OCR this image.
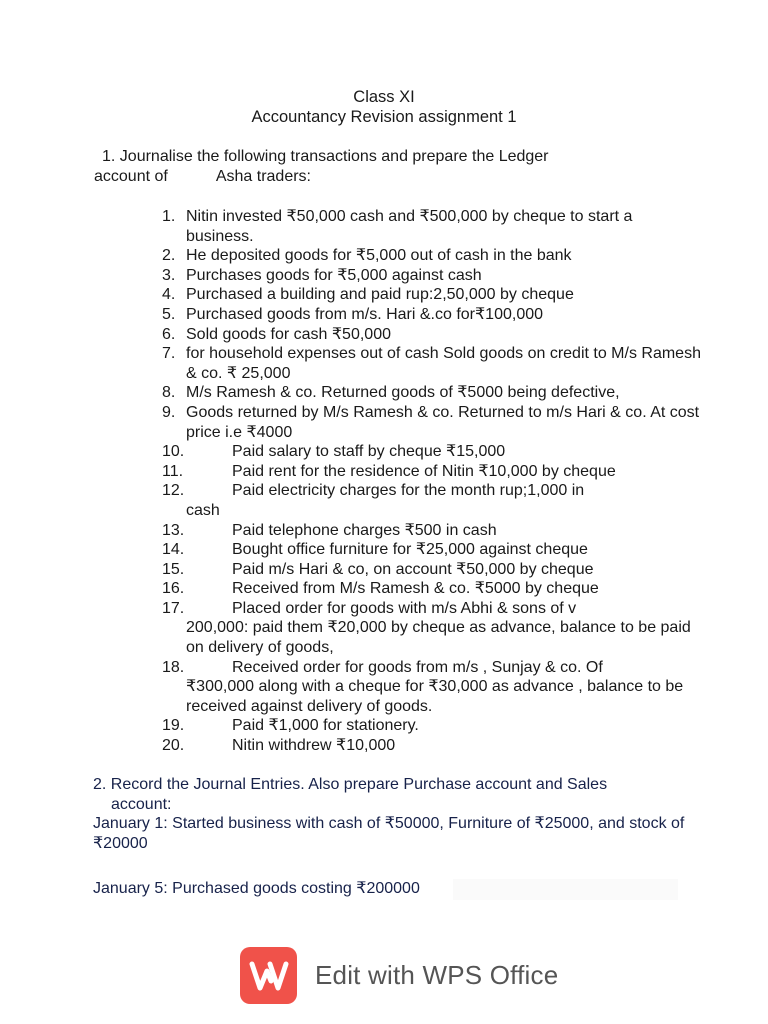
Class XI
Accountancy Revision assignment 1
1. Journalise the following transactions and prepare the Ledger
account of	Asha traders:
1. Nitin invested ₹50,000 cash and ₹500,000 by cheque to start a business.
2. He deposited goods for ₹5,000 out of cash in the bank
3. Purchases goods for ₹5,000 against cash
4. Purchased a building and paid rup:2,50,000 by cheque
5. Purchased goods from m/s. Hari &.co for₹100,000
6. Sold goods for cash ₹50,000
7. for household expenses out of cash Sold goods on credit to M/s Ramesh & co. ₹ 25,000
8. M/s Ramesh & co. Returned goods of ₹5000 being defective,
9. Goods returned by M/s Ramesh & co. Returned to m/s Hari & co. At cost price i.e ₹4000
10.	Paid salary to staff by cheque ₹15,000
11.	Paid rent for the residence of Nitin ₹10,000 by cheque
12.	Paid electricity charges for the month rup;1,000 in
cash
13.	Paid telephone charges ₹500 in cash
14.	Bought office furniture for ₹25,000 against cheque
15.	Paid m/s Hari & co, on account ₹50,000 by cheque
16.	Received from M/s Ramesh & co. ₹5000 by cheque
17.	Placed order for goods with m/s Abhi & sons of v
200,000: paid them ₹20,000 by cheque as advance, balance to be paid on delivery of goods,
18.	Received order for goods from m/s , Sunjay & co. Of
₹300,000 along with a cheque for ₹30,000 as advance , balance to be received against delivery of goods.
19.	Paid ₹1,000 for stationery.
20.	Nitin withdrew ₹10,000
2. Record the Journal Entries. Also prepare Purchase account and Sales
account:
January 1: Started business with cash of ₹50000, Furniture of ₹25000, and stock of ₹20000
January 5: Purchased goods costing ₹200000
Edit with WPS Office
